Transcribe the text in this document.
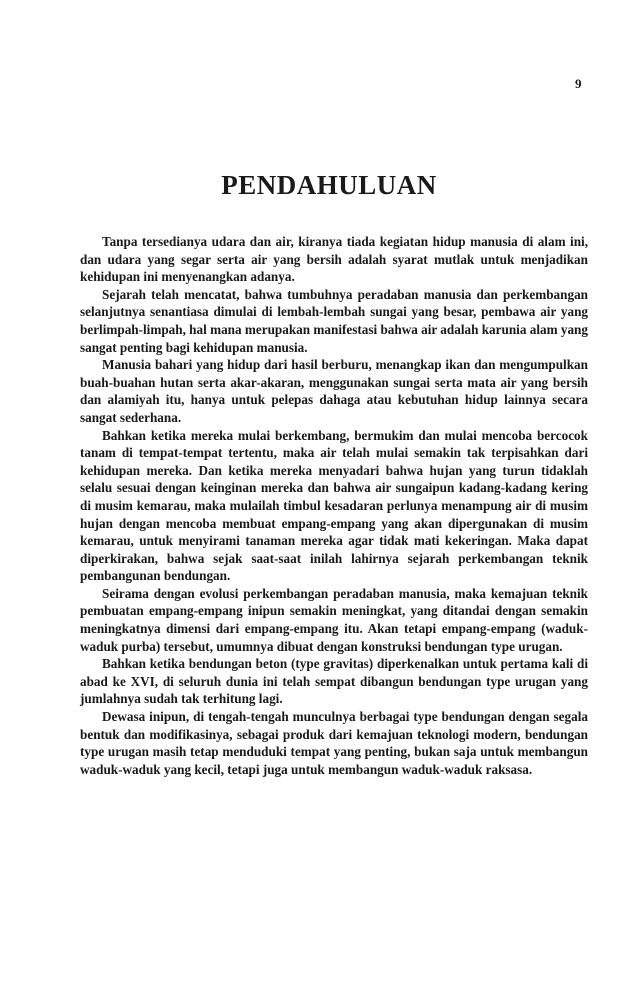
9
PENDAHULUAN

Tanpa tersedianya udara dan air, kiranya tiada kegiatan hidup manusia di alam ini, dan udara yang segar serta air yang bersih adalah syarat mutlak untuk menjadikan kehidupan ini menyenangkan adanya.

Sejarah telah mencatat, bahwa tumbuhnya peradaban manusia dan perkembangan selanjutnya senantiasa dimulai di lembah-lembah sungai yang besar, pembawa air yang berlimpah-limpah, hal mana merupakan manifestasi bahwa air adalah karunia alam yang sangat penting bagi kehidupan manusia.

Manusia bahari yang hidup dari hasil berburu, menangkap ikan dan mengumpulkan buah-buahan hutan serta akar-akaran, menggunakan sungai serta mata air yang bersih dan alamiyah itu, hanya untuk pelepas dahaga atau kebutuhan hidup lainnya secara sangat sederhana.

Bahkan ketika mereka mulai berkembang, bermukim dan mulai mencoba bercocok tanam di tempat-tempat tertentu, maka air telah mulai semakin tak terpisahkan dari kehidupan mereka. Dan ketika mereka menyadari bahwa hujan yang turun tidaklah selalu sesuai dengan keinginan mereka dan bahwa air sungaipun kadang-kadang kering di musim kemarau, maka mulailah timbul kesadaran perlunya menampung air di musim hujan dengan mencoba membuat empang-empang yang akan dipergunakan di musim kemarau, untuk menyirami tanaman mereka agar tidak mati kekeringan. Maka dapat diperkirakan, bahwa sejak saat-saat inilah lahirnya sejarah perkembangan teknik pembangunan bendungan.

Seirama dengan evolusi perkembangan peradaban manusia, maka kemajuan teknik pembuatan empang-empang inipun semakin meningkat, yang ditandai dengan semakin meningkatnya dimensi dari empang-empang itu. Akan tetapi empang-empang (waduk-waduk purba) tersebut, umumnya dibuat dengan konstruksi bendungan type urugan.

Bahkan ketika bendungan beton (type gravitas) diperkenalkan untuk pertama kali di abad ke XVI, di seluruh dunia ini telah sempat dibangun bendungan type urugan yang jumlahnya sudah tak terhitung lagi.

Dewasa inipun, di tengah-tengah munculnya berbagai type bendungan dengan segala bentuk dan modifikasinya, sebagai produk dari kemajuan teknologi modern, bendungan type urugan masih tetap menduduki tempat yang penting, bukan saja untuk membangun waduk-waduk yang kecil, tetapi juga untuk membangun waduk-waduk raksasa.
